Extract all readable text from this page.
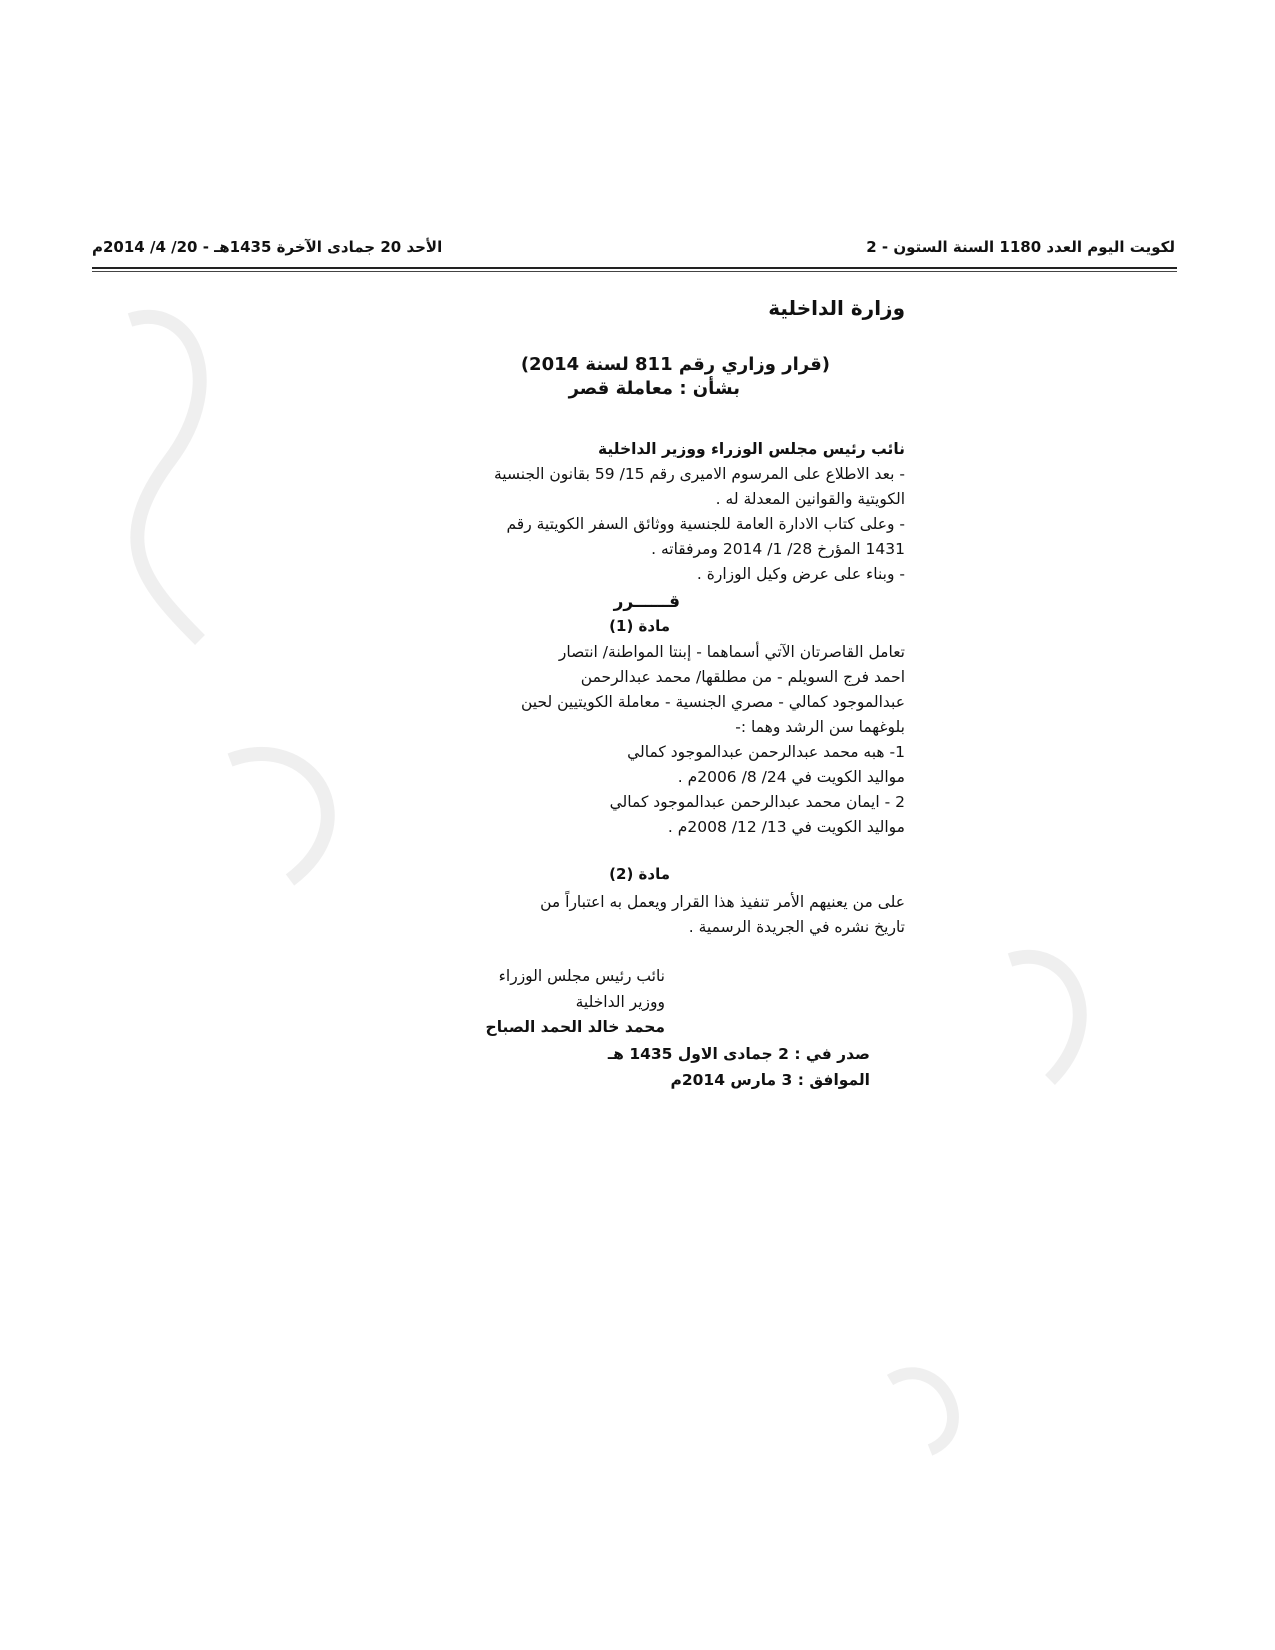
لكويت اليوم العدد 1180 السنة الستون - 2
الأحد 20 جمادى الآخرة 1435هـ - 20/ 4/ 2014م
وزارة الداخلية
(قرار وزاري رقم 811 لسنة 2014)
بشأن : معاملة قصر

نائب رئيس مجلس الوزراء ووزير الداخلية

- بعد الاطلاع على المرسوم الاميرى رقم 15/ 59 بقانون الجنسية

الكويتية والقوانين المعدلة له .

- وعلى كتاب الادارة العامة للجنسية ووثائق السفر الكويتية رقم

1431 المؤرخ 28/ 1/ 2014 ومرفقاته .

- وبناء على عرض وكيل الوزارة .

قــــــرر
مادة (1)

تعامل القاصرتان الآتي أسماهما - إبنتا المواطنة/ انتصار

احمد فرج السويلم - من مطلقها/ محمد عبدالرحمن

عبدالموجود كمالي - مصري الجنسية - معاملة الكويتيين لحين

بلوغهما سن الرشد وهما :-

1- هبه محمد عبدالرحمن عبدالموجود كمالي

مواليد الكويت في 24/ 8/ 2006م .

2 - ايمان محمد عبدالرحمن عبدالموجود كمالي

مواليد الكويت في 13/ 12/ 2008م .

مادة (2)

على من يعنيهم الأمر تنفيذ هذا القرار ويعمل به اعتباراً من

تاريخ نشره في الجريدة الرسمية .

نائب رئيس مجلس الوزراء
ووزير الداخلية
محمد خالد الحمد الصباح
صدر في : 2 جمادى الاول 1435 هـ
الموافق : 3 مارس 2014م
